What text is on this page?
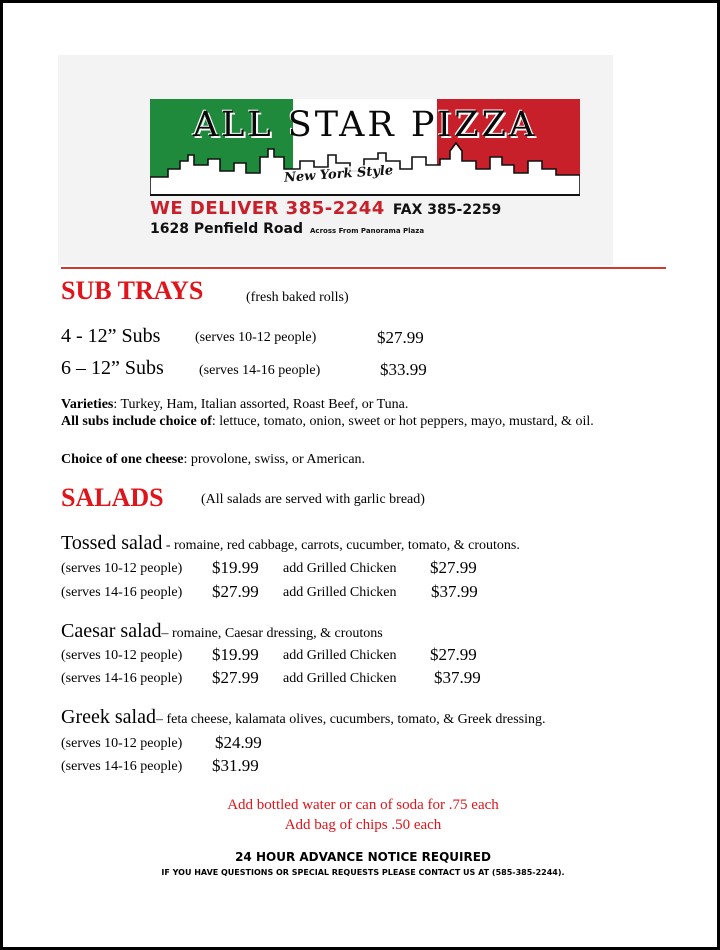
ALL STAR PIZZA
New York Style
WE DELIVER 385-2244 FAX 385-2259
1628 Penfield Road Across From Panorama Plaza
SUB TRAYS	(fresh baked rolls)
4 - 12” Subs (serves 10-12 people)	$27.99
6 – 12” Subs	(serves 14-16 people)	$33.99
Varieties: Turkey, Ham, Italian assorted, Roast Beef, or Tuna.
All subs include choice of: lettuce, tomato, onion, sweet or hot peppers, mayo, mustard, & oil.
Choice of one cheese: provolone, swiss, or American.
SALADS	(All salads are served with garlic bread)
Tossed salad - romaine, red cabbage, carrots, cucumber, tomato, & croutons.
(serves 10-12 people) $19.99 add Grilled Chicken $27.99
(serves 14-16 people) $27.99 add Grilled Chicken $37.99
Caesar salad– romaine, Caesar dressing, & croutons
(serves 10-12 people) $19.99 add Grilled Chicken $27.99
(serves 14-16 people) $27.99 add Grilled Chicken $37.99
Greek salad– feta cheese, kalamata olives, cucumbers, tomato, & Greek dressing.
(serves 10-12 people) $24.99
(serves 14-16 people) $31.99
Add bottled water or can of soda for .75 each
Add bag of chips .50 each
24 HOUR ADVANCE NOTICE REQUIRED
IF YOU HAVE QUESTIONS OR SPECIAL REQUESTS PLEASE CONTACT US AT (585-385-2244).
